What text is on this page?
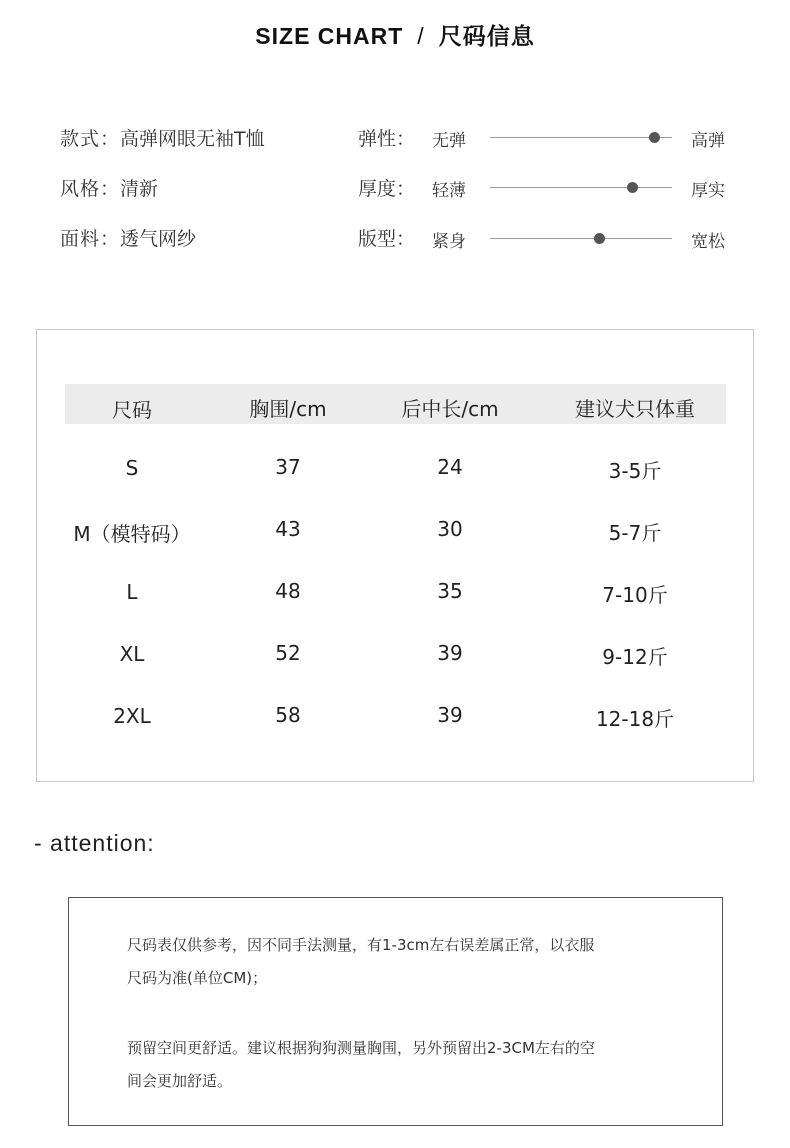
SIZE CHART / 尺码信息
款式：高弹网眼无袖T恤
风格：清新
面料：透气网纱
弹性： 无弹	高弹
厚度： 轻薄	厚实
版型： 紧身	宽松
尺码	胸围/cm	后中长/cm	建议犬只体重
S	37	24	3-5斤
M（模特码）	43	30	5-7斤
L	48	35	7-10斤
XL	52	39	9-12斤
2XL	58	39	12-18斤
- attention:
尺码表仅供参考，因不同手法测量，有1-3cm左右误差属正常，以衣服
尺码为准(单位CM)；
预留空间更舒适。建议根据狗狗测量胸围，另外预留出2-3CM左右的空
间会更加舒适。
